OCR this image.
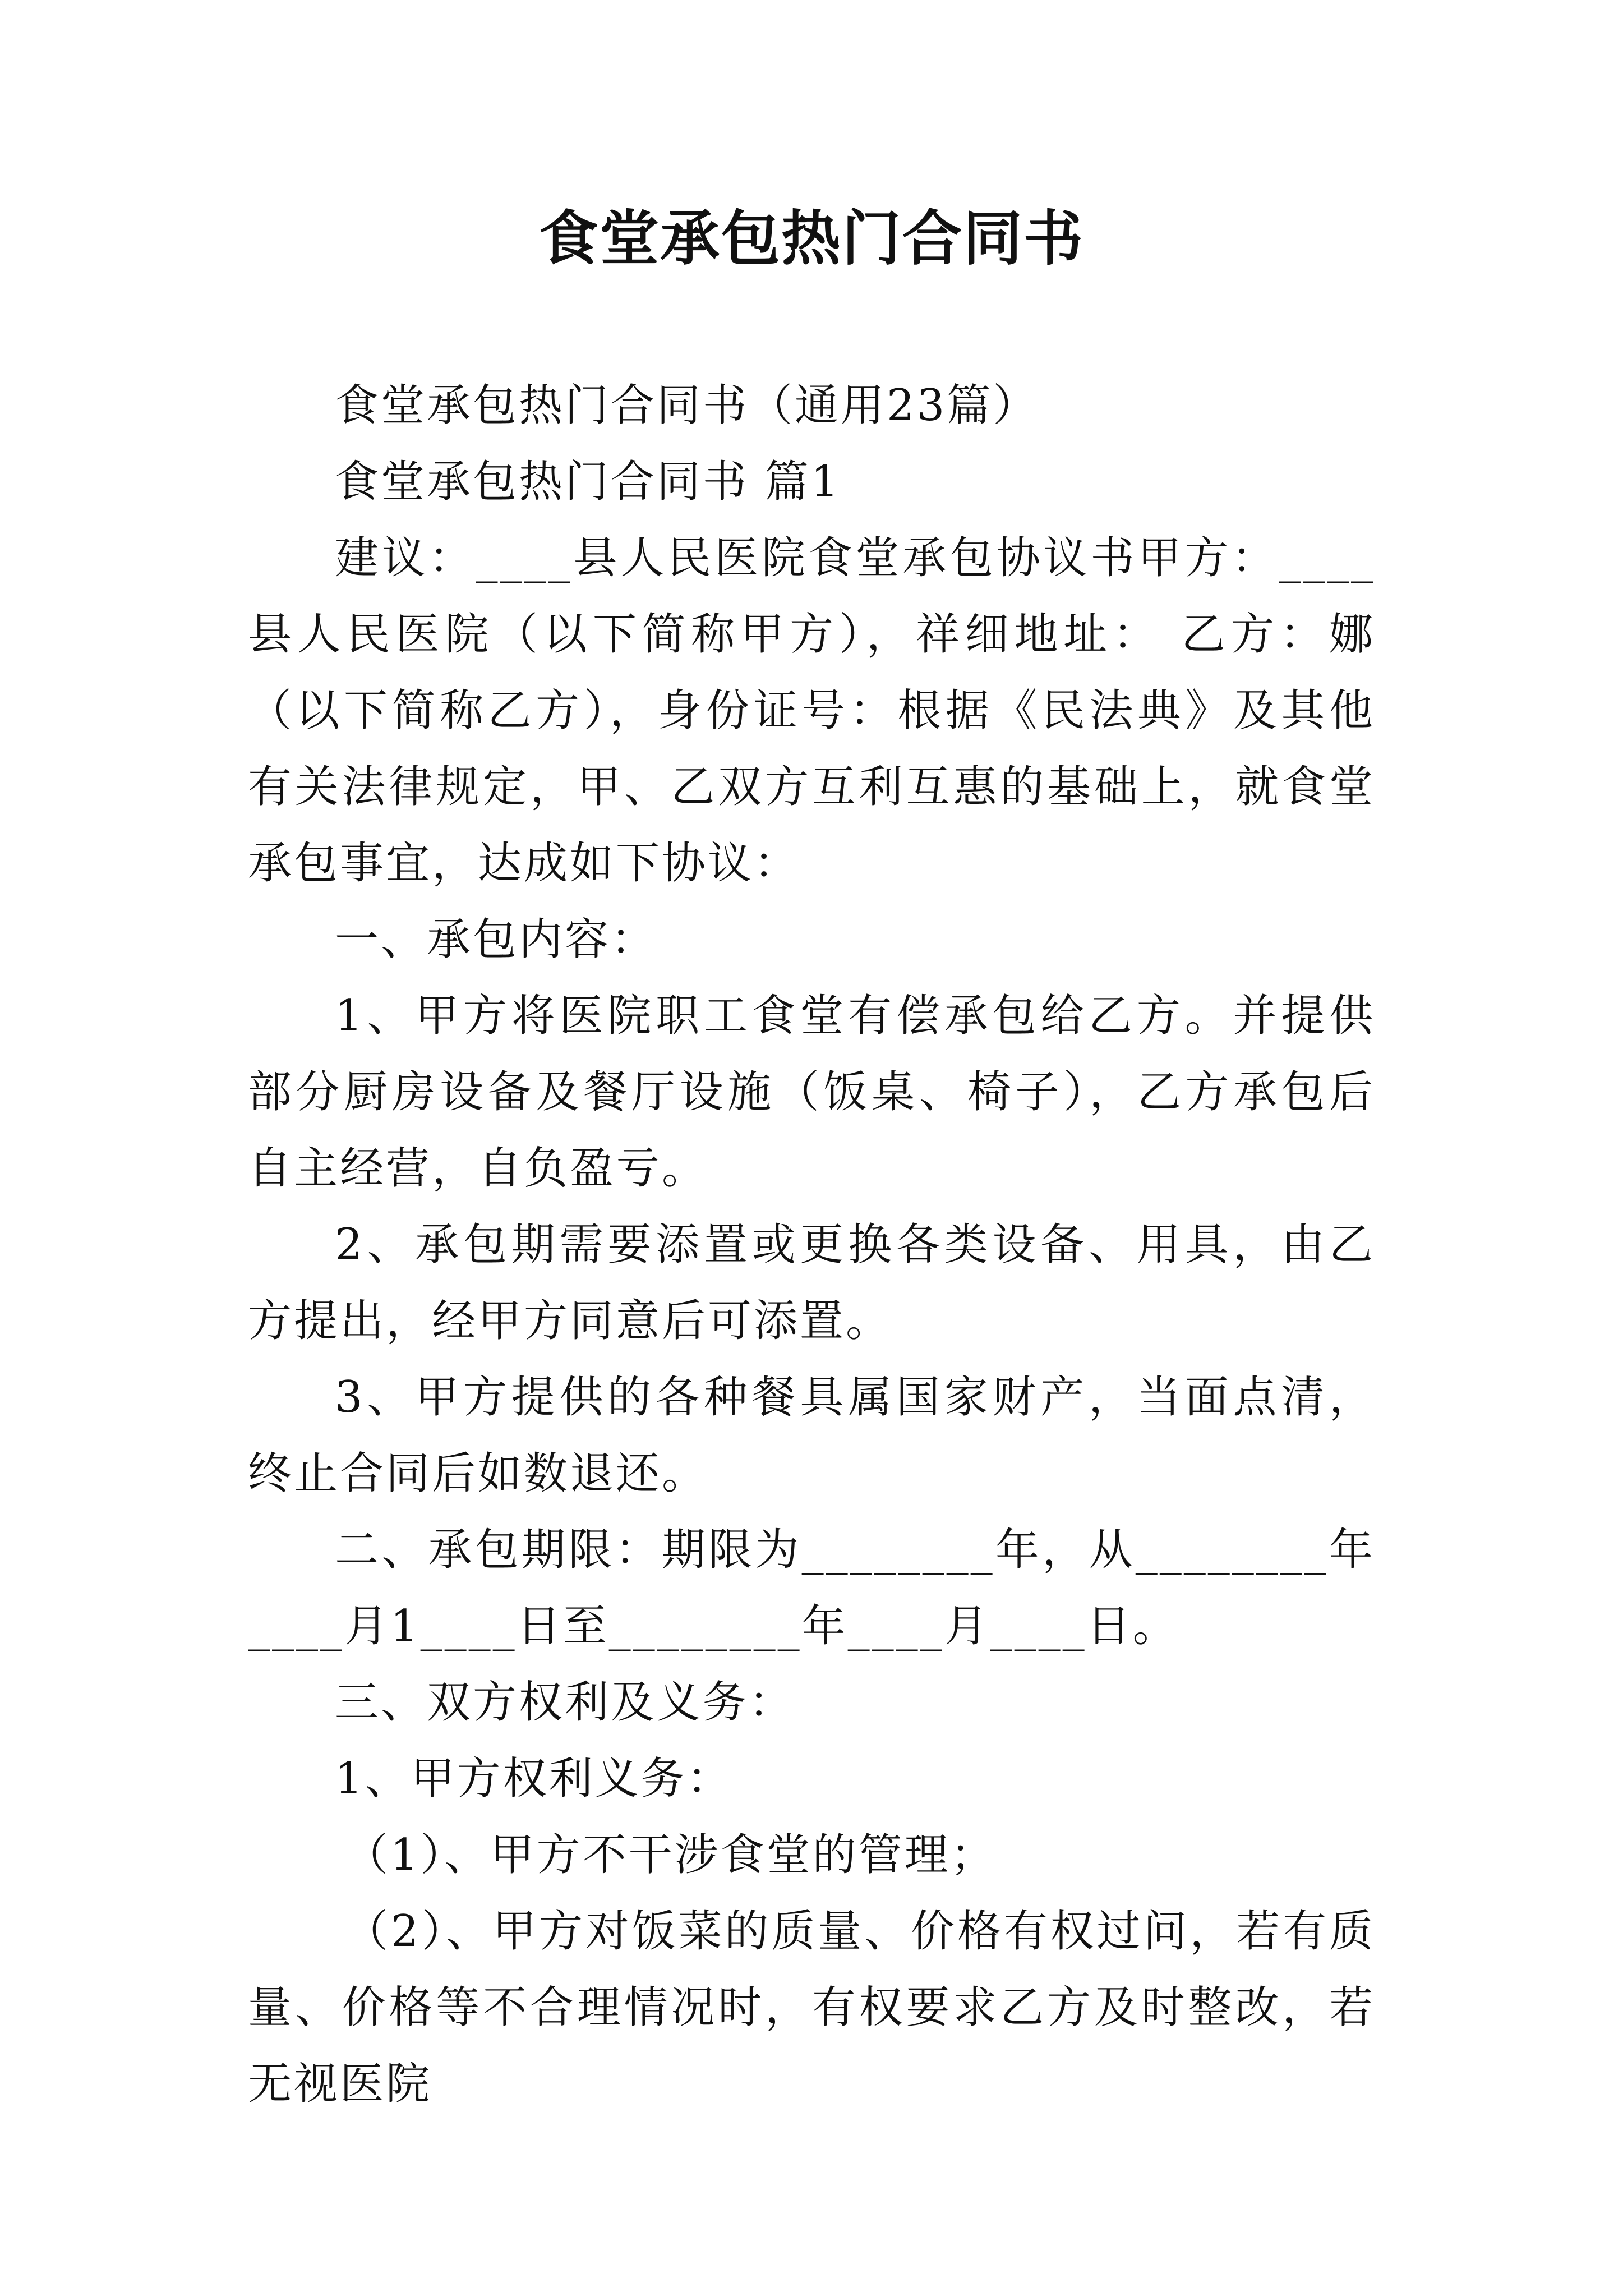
食堂承包热门合同书

食堂承包热门合同书（通用23篇）

食堂承包热门合同书 篇1

建议：____县人民医院食堂承包协议书甲方：____县人民医院（以下简称甲方），祥细地址： 乙方：娜（以下简称乙方），身份证号：根据《民法典》及其他有关法律规定，甲、乙双方互利互惠的基础上，就食堂承包事宜，达成如下协议：

一、承包内容：

1、甲方将医院职工食堂有偿承包给乙方。并提供部分厨房设备及餐厅设施（饭桌、椅子），乙方承包后自主经营，自负盈亏。

2、承包期需要添置或更换各类设备、用具，由乙方提出，经甲方同意后可添置。

3、甲方提供的各种餐具属国家财产，当面点清，终止合同后如数退还。

二、承包期限：期限为________年，从________年____月1____日至________年____月____日。

三、双方权利及义务：

1、甲方权利义务：

（1）、甲方不干涉食堂的管理；

（2）、甲方对饭菜的质量、价格有权过问，若有质量、价格等不合理情况时，有权要求乙方及时整改，若无视医院
